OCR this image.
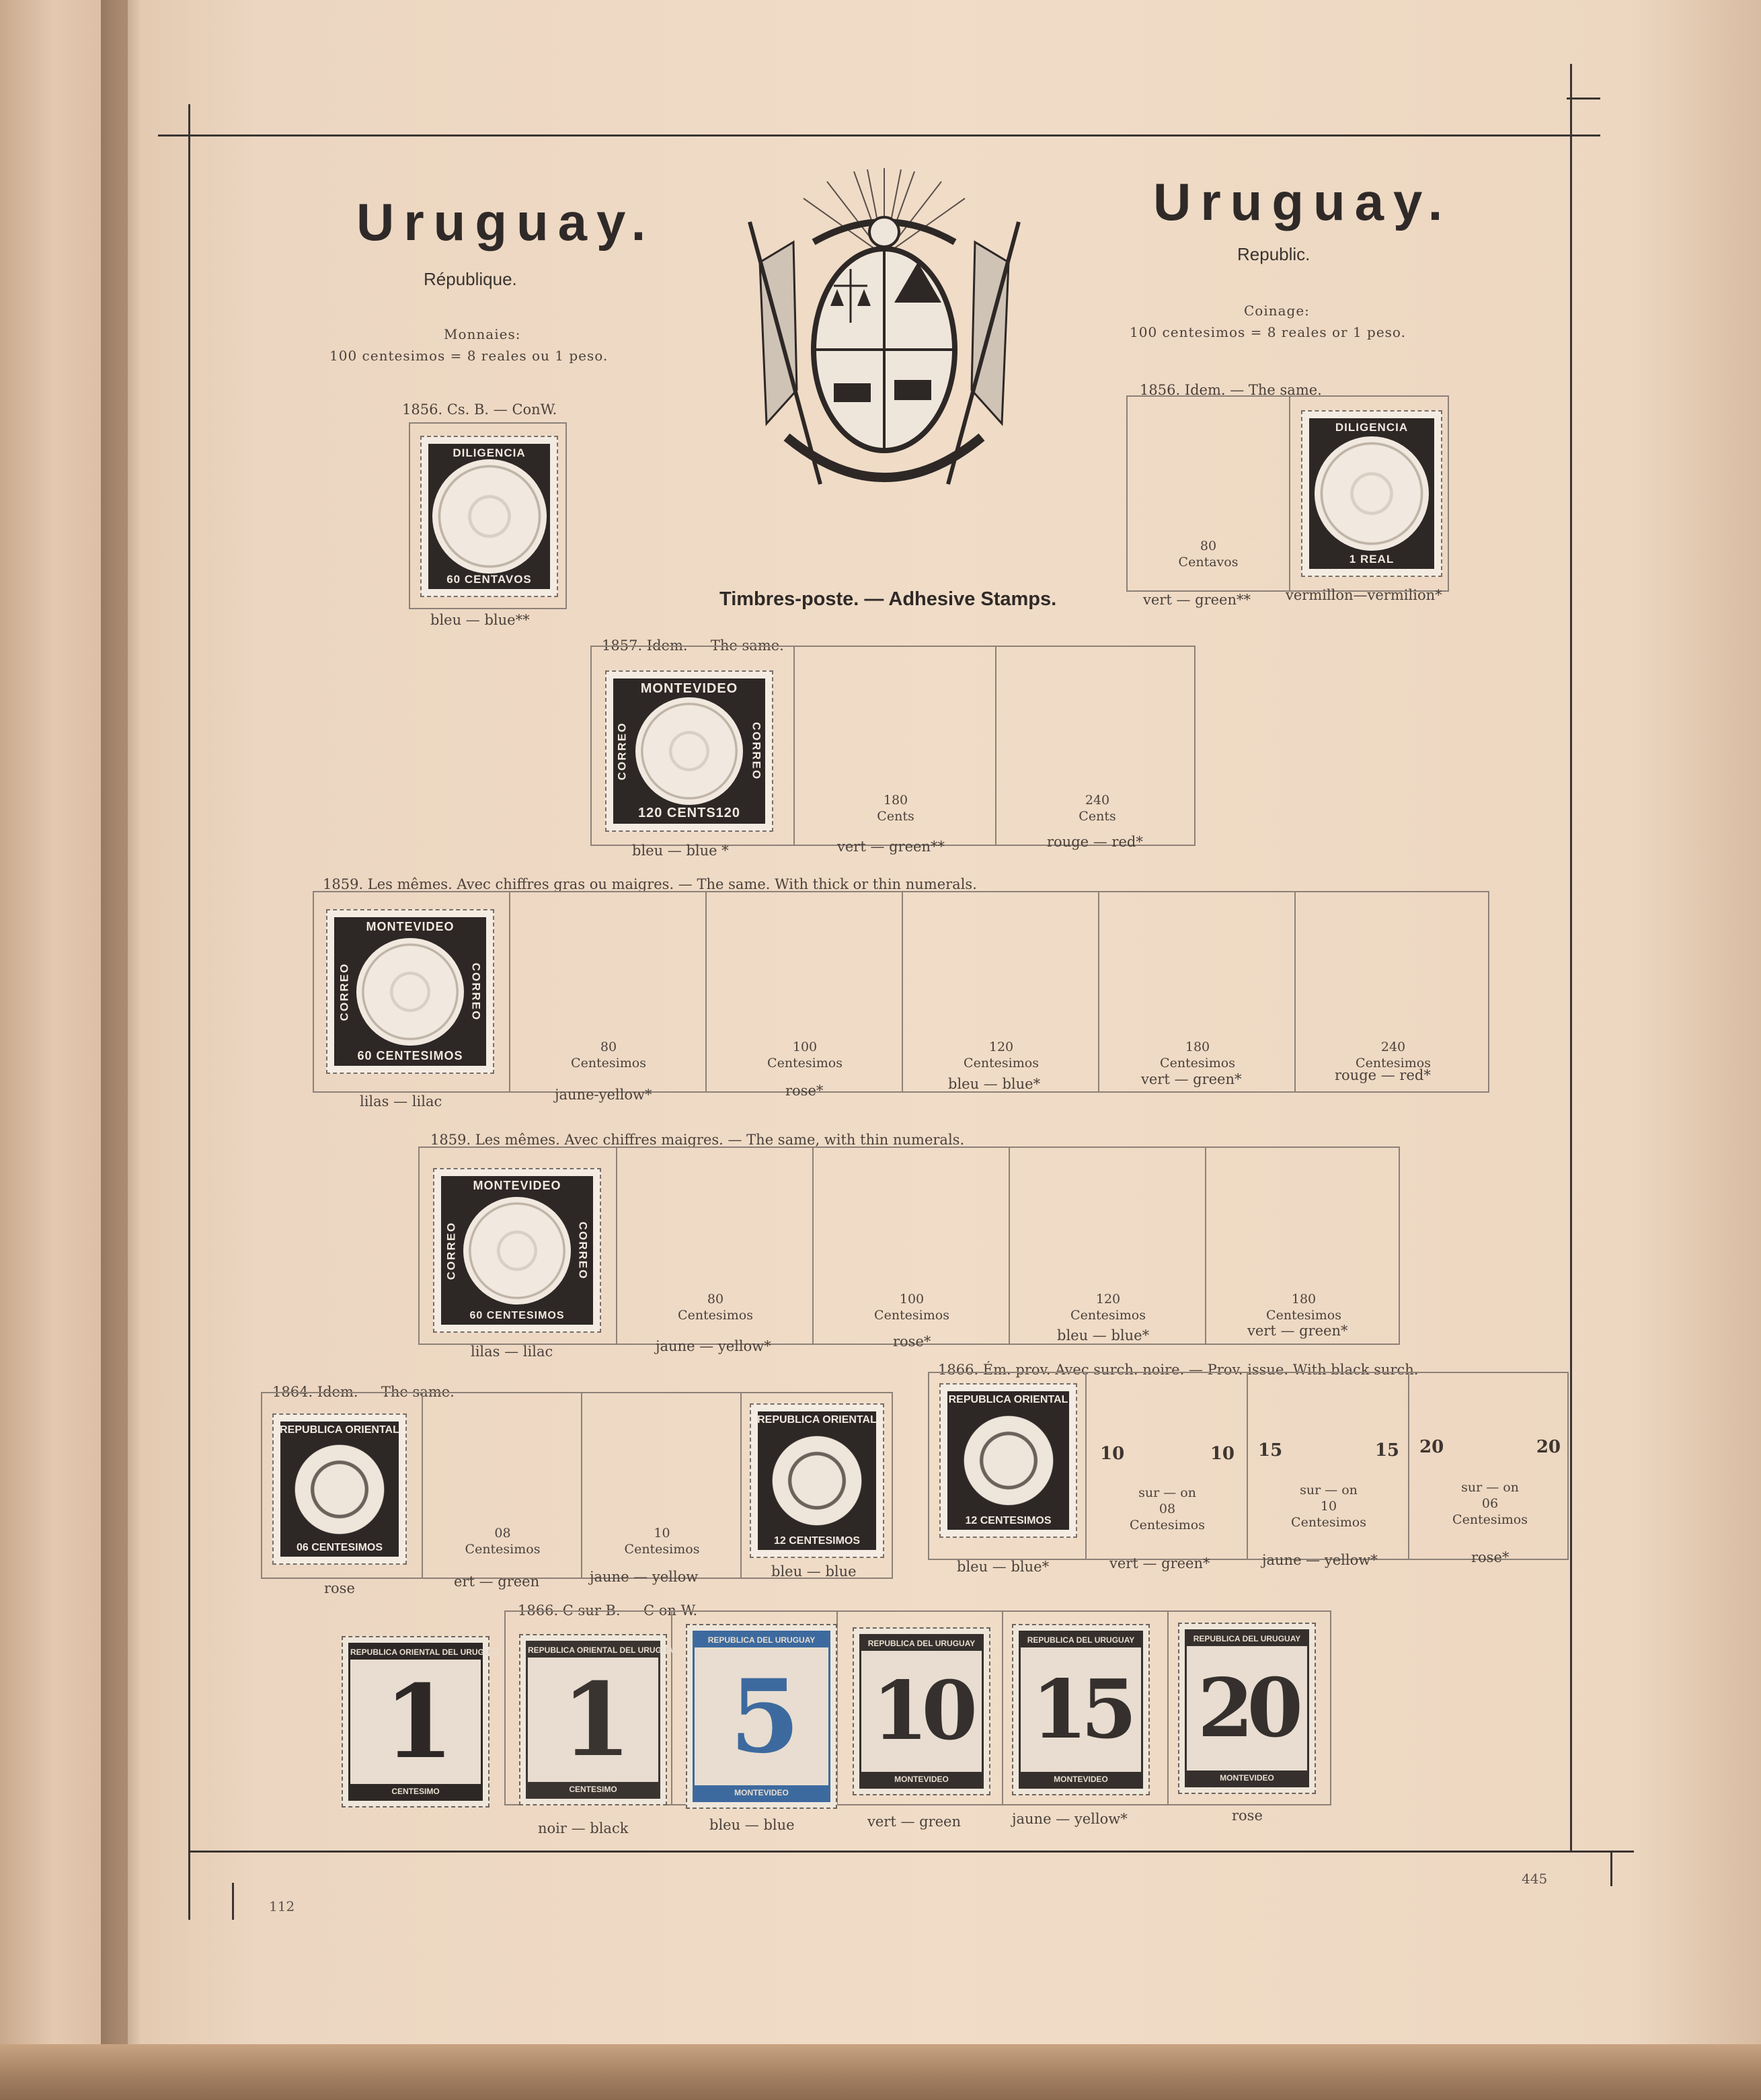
Uruguay.
République.
Monnaies:
100 centesimos = 8 reales ou 1 peso.
Uruguay.
Republic.
Coinage:
100 centesimos = 8 reales or 1 peso.
Timbres-poste. — Adhesive Stamps.
1856. Cs. B. — ConW.
DILIGENCIA
60 CENTAVOS
bleu — blue**
1856. Idem. — The same.
80
Centavos
DILIGENCIA
1 REAL
vert — green** vermillon—vermilion*
1857. Idem. — The same.
180
Cents
240
Cents
MONTEVIDEO
120 CENTS120
CORREO	CORREO
bleu — blue *	vert — green**	rouge — red*
1859. Les mêmes. Avec chiffres gras ou maigres. — The same. With thick or thin numerals.
80
Centesimos
100
Centesimos
120
Centesimos
180
Centesimos
240
Centesimos
MONTEVIDEO
60 CENTESIMOS
CORREO	CORREO
lilas — lilac	jaune-yellow*	rose*	bleu — blue*	vert — green*	rouge — red*
1859. Les mêmes. Avec chiffres maigres. — The same, with thin numerals.
80
Centesimos
100
Centesimos
120
Centesimos
180
Centesimos
MONTEVIDEO
60 CENTESIMOS
CORREO	CORREO
lilas — lilac	jaune — yellow*	rose*	bleu — blue*	vert — green*
1864. Idem. — The same.
08
Centesimos
10
Centesimos
REPUBLICA ORIENTAL
06 CENTESIMOS
REPUBLICA ORIENTAL
12 CENTESIMOS
rose	ert — green	jaune — yellow	bleu — blue
1866. Ém. prov. Avec surch. noire. — Prov. issue. With black surch.
REPUBLICA ORIENTAL
12 CENTESIMOS
10	10
sur — on
08
Centesimos
15	15
sur — on
10
Centesimos
20	20
sur — on
06
Centesimos
bleu — blue*	vert — green*	jaune — yellow*	rose*
1866. C sur B. — C on W.
REPUBLICA ORIENTAL DEL URUGUAY
1
CENTESIMO
REPUBLICA ORIENTAL DEL URUGUAY
1
CENTESIMO
REPUBLICA DEL URUGUAY
5
MONTEVIDEO
REPUBLICA DEL URUGUAY
10
MONTEVIDEO
REPUBLICA DEL URUGUAY
15
MONTEVIDEO
REPUBLICA DEL URUGUAY
20
MONTEVIDEO
noir — black	bleu — blue	vert — green	jaune — yellow*	rose
112
445
